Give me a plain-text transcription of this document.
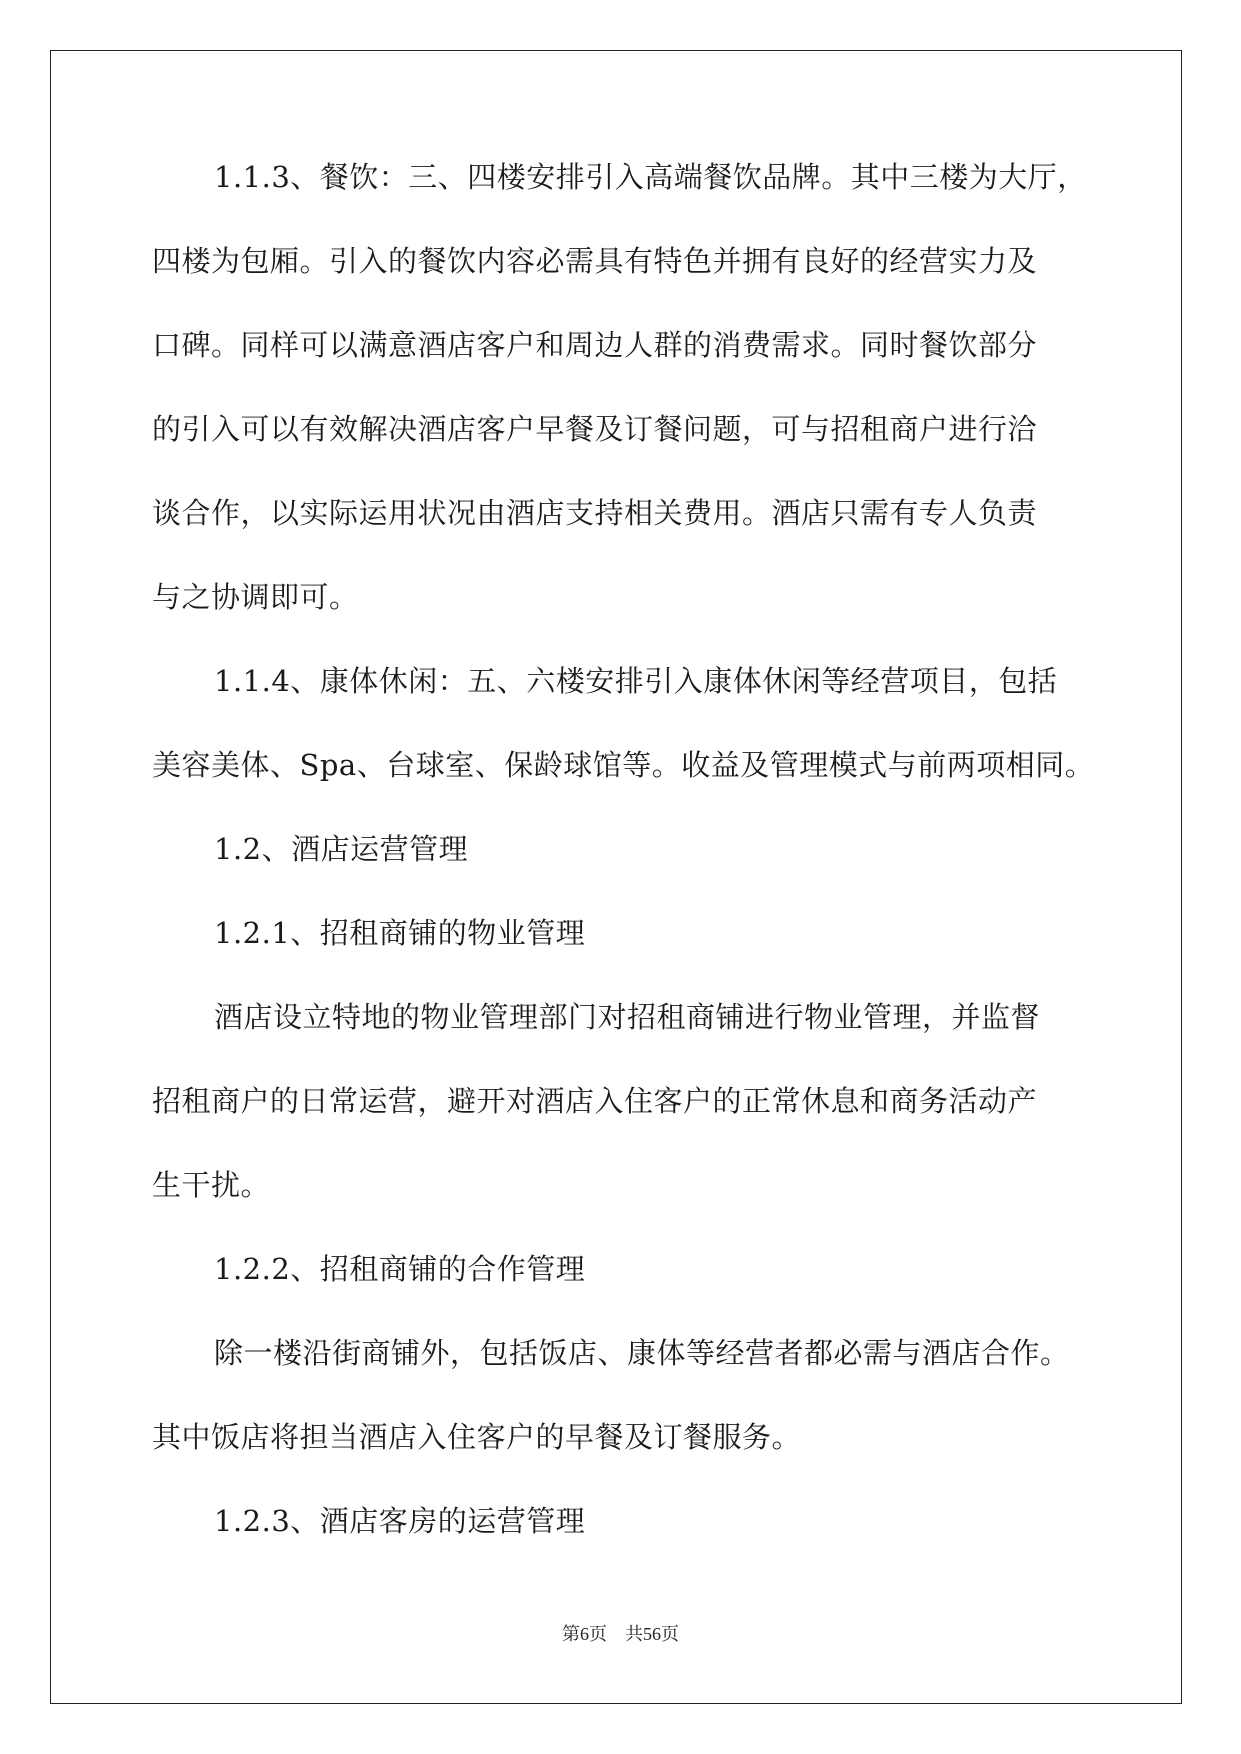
1.1.3、餐饮：三、四楼安排引入高端餐饮品牌。其中三楼为大厅，
四楼为包厢。引入的餐饮内容必需具有特色并拥有良好的经营实力及
口碑。同样可以满意酒店客户和周边人群的消费需求。同时餐饮部分
的引入可以有效解决酒店客户早餐及订餐问题，可与招租商户进行洽
谈合作，以实际运用状况由酒店支持相关费用。酒店只需有专人负责
与之协调即可。
1.1.4、康体休闲：五、六楼安排引入康体休闲等经营项目，包括
美容美体、Spa、台球室、保龄球馆等。收益及管理模式与前两项相同。
1.2、酒店运营管理
1.2.1、招租商铺的物业管理
酒店设立特地的物业管理部门对招租商铺进行物业管理，并监督
招租商户的日常运营，避开对酒店入住客户的正常休息和商务活动产
生干扰。
1.2.2、招租商铺的合作管理
除一楼沿街商铺外，包括饭店、康体等经营者都必需与酒店合作。
其中饭店将担当酒店入住客户的早餐及订餐服务。
1.2.3、酒店客房的运营管理
第6页 共56页
